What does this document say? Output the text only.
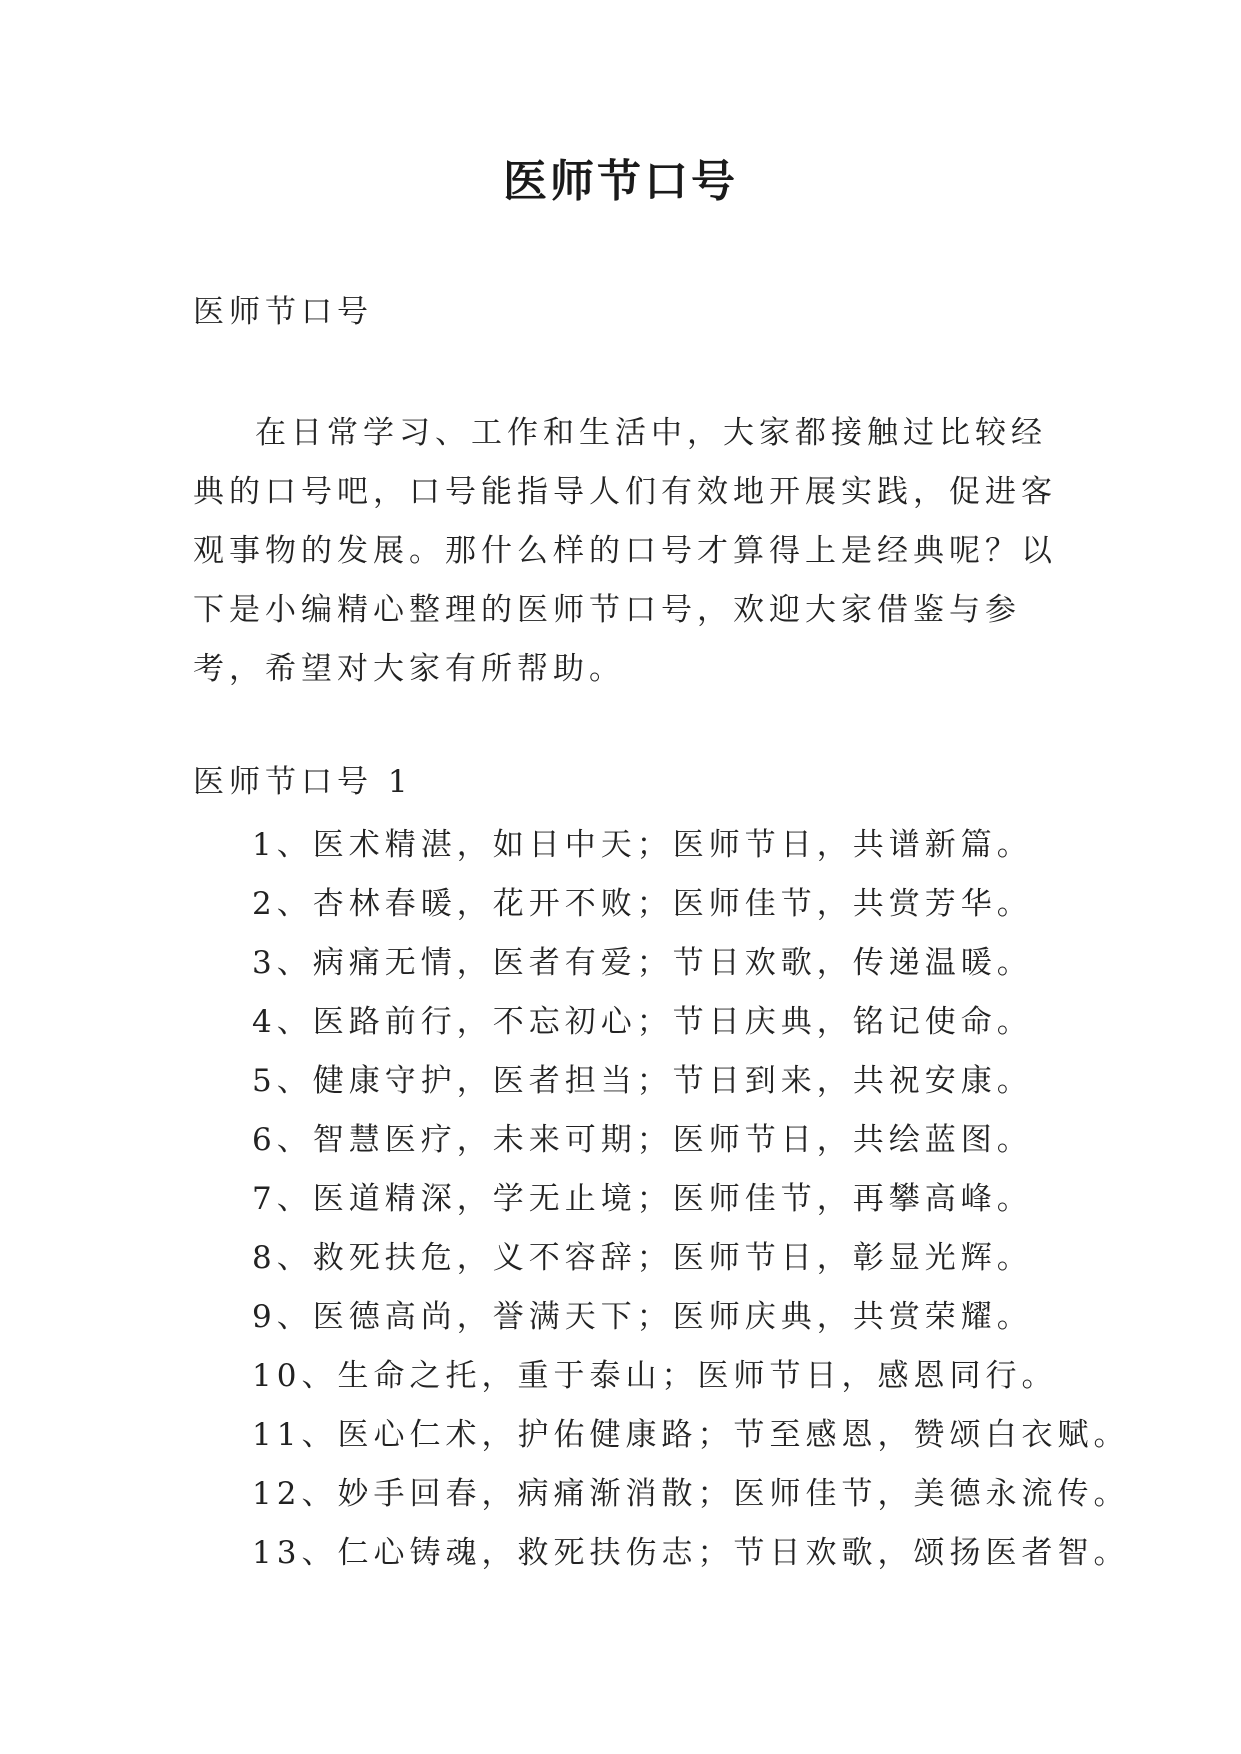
医师节口号
医师节口号

在日常学习、工作和生活中，大家都接触过比较经典的口号吧，口号能指导人们有效地开展实践，促进客观事物的发展。那什么样的口号才算得上是经典呢？以下是小编精心整理的医师节口号，欢迎大家借鉴与参考，希望对大家有所帮助。

医师节口号 1
1、医术精湛，如日中天；医师节日，共谱新篇。
2、杏林春暖，花开不败；医师佳节，共赏芳华。
3、病痛无情，医者有爱；节日欢歌，传递温暖。
4、医路前行，不忘初心；节日庆典，铭记使命。
5、健康守护，医者担当；节日到来，共祝安康。
6、智慧医疗，未来可期；医师节日，共绘蓝图。
7、医道精深，学无止境；医师佳节，再攀高峰。
8、救死扶危，义不容辞；医师节日，彰显光辉。
9、医德高尚，誉满天下；医师庆典，共赏荣耀。
10、生命之托，重于泰山；医师节日，感恩同行。
11、医心仁术，护佑健康路；节至感恩，赞颂白衣赋。
12、妙手回春，病痛渐消散；医师佳节，美德永流传。
13、仁心铸魂，救死扶伤志；节日欢歌，颂扬医者智。
